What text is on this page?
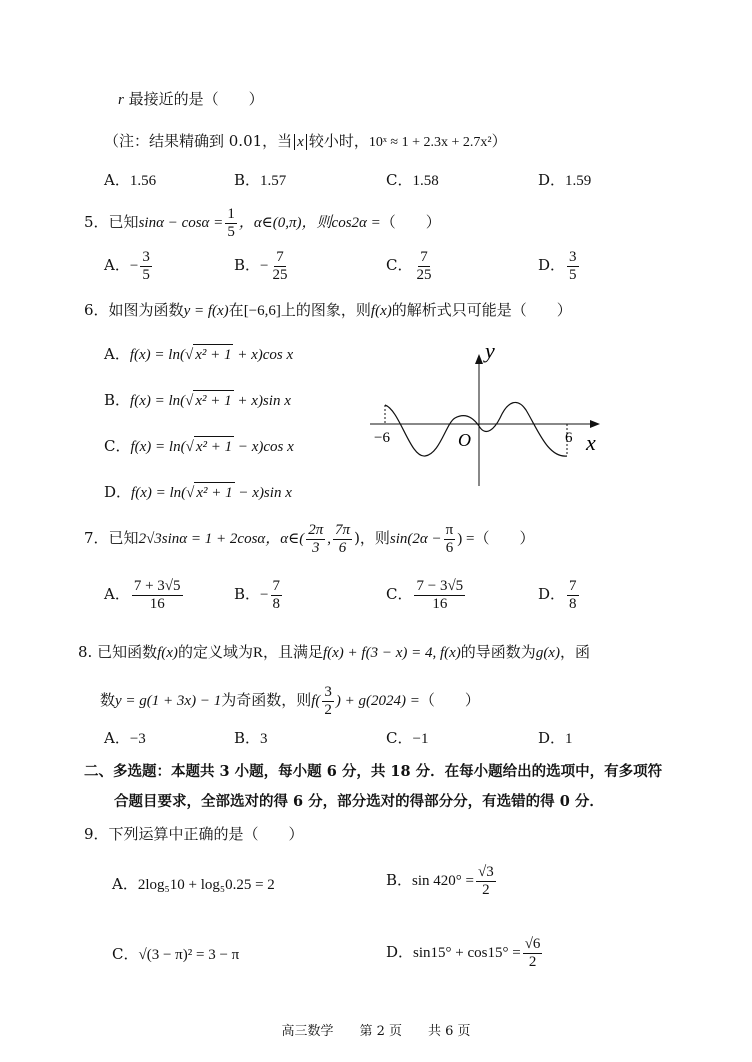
r 最接近的是（　　）
（注：结果精确到 0.01，当 x 较小时，10ˣ ≈ 1 + 2.3x + 2.7x²）
A．1.56	B．1.57	C．1.58	D．1.59
5．已知$\sin\alpha - \cos\alpha = \frac{1}{5}$ ，α∈(0,π)，则cos2α =（　　）
A．− $\frac{3}{5}$	B．− $\frac{7}{25}$	C． $\frac{7}{25}$	D． $\frac{3}{5}$
6．如图为函数y = f(x)在[−6,6]上的图象，则f(x)的解析式只可能是（　　）
A．f(x) = ln(√ x² + 1 + x)cos x
B．f(x) = ln(√ x² + 1 + x)sin x
C．f(x) = ln(√ x² + 1 − x)cos x
D．f(x) = ln(√ x² + 1 − x)sin x
y
x
O
−6	6
7．已知2√3sinα = 1 + 2cosα，α∈( $\frac{2\pi}{3}$ , $\frac{7\pi}{6}$ )，则$\sin(2\alpha - \frac{\pi}{6}$ ) =（　　）
A． $\frac{7 + 3√5}{16}$	B．− $\frac{7}{8}$	C． $\frac{7 - 3√5}{16}$	D． $\frac{7}{8}$
8. 已知函数f(x)的定义域为R，且满足f(x) + f(3 − x) = 4, f(x)的导函数为g(x)，函
数y = g(1 + 3x) − 1为奇函数，则$f( \frac{3}{2}$ ) + g(2024) =（　　）
A．−3	B．3	C．−1	D．1
二、多选题：本题共 3 小题，每小题 6 分，共 18 分．在每小题给出的选项中，有多项符
合题目要求，全部选对的得 6 分，部分选对的得部分分，有选错的得 0 分．
9．下列运算中正确的是（　　）
A．2log₅10 + log₅0.25 = 2	B．$\sin 420^\circ = \frac{√3}{2}$
C．√(3 − π)² = 3 − π	D．$\sin 15^\circ + \cos 15^\circ = \frac{√6}{2}$
高三数学　　第 2 页　　共 6 页
